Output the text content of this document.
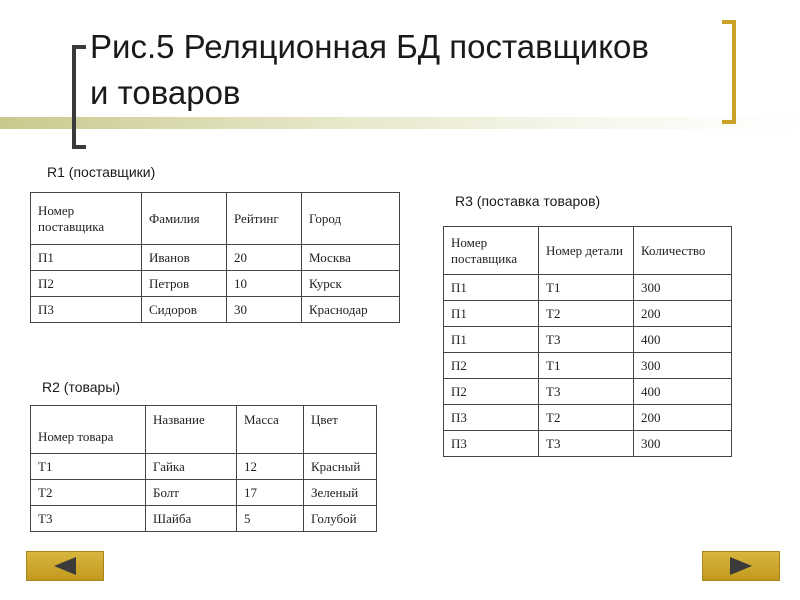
Рис.5 Реляционная БД поставщиков
и товаров
R1 (поставщики)
Номер поставщика	Фамилия	Рейтинг	Город
П1	Иванов	20	Москва
П2	Петров	10	Курск
П3	Сидоров	30	Краснодар
R2 (товары)
Номер товара	Название	Масса	Цвет
Т1	Гайка	12	Красный
Т2	Болт	17	Зеленый
Т3	Шайба	5	Голубой
R3 (поставка товаров)
Номер поставщика	Номер детали	Количество
П1	Т1	300
П1	Т2	200
П1	Т3	400
П2	Т1	300
П2	Т3	400
П3	Т2	200
П3	Т3	300
